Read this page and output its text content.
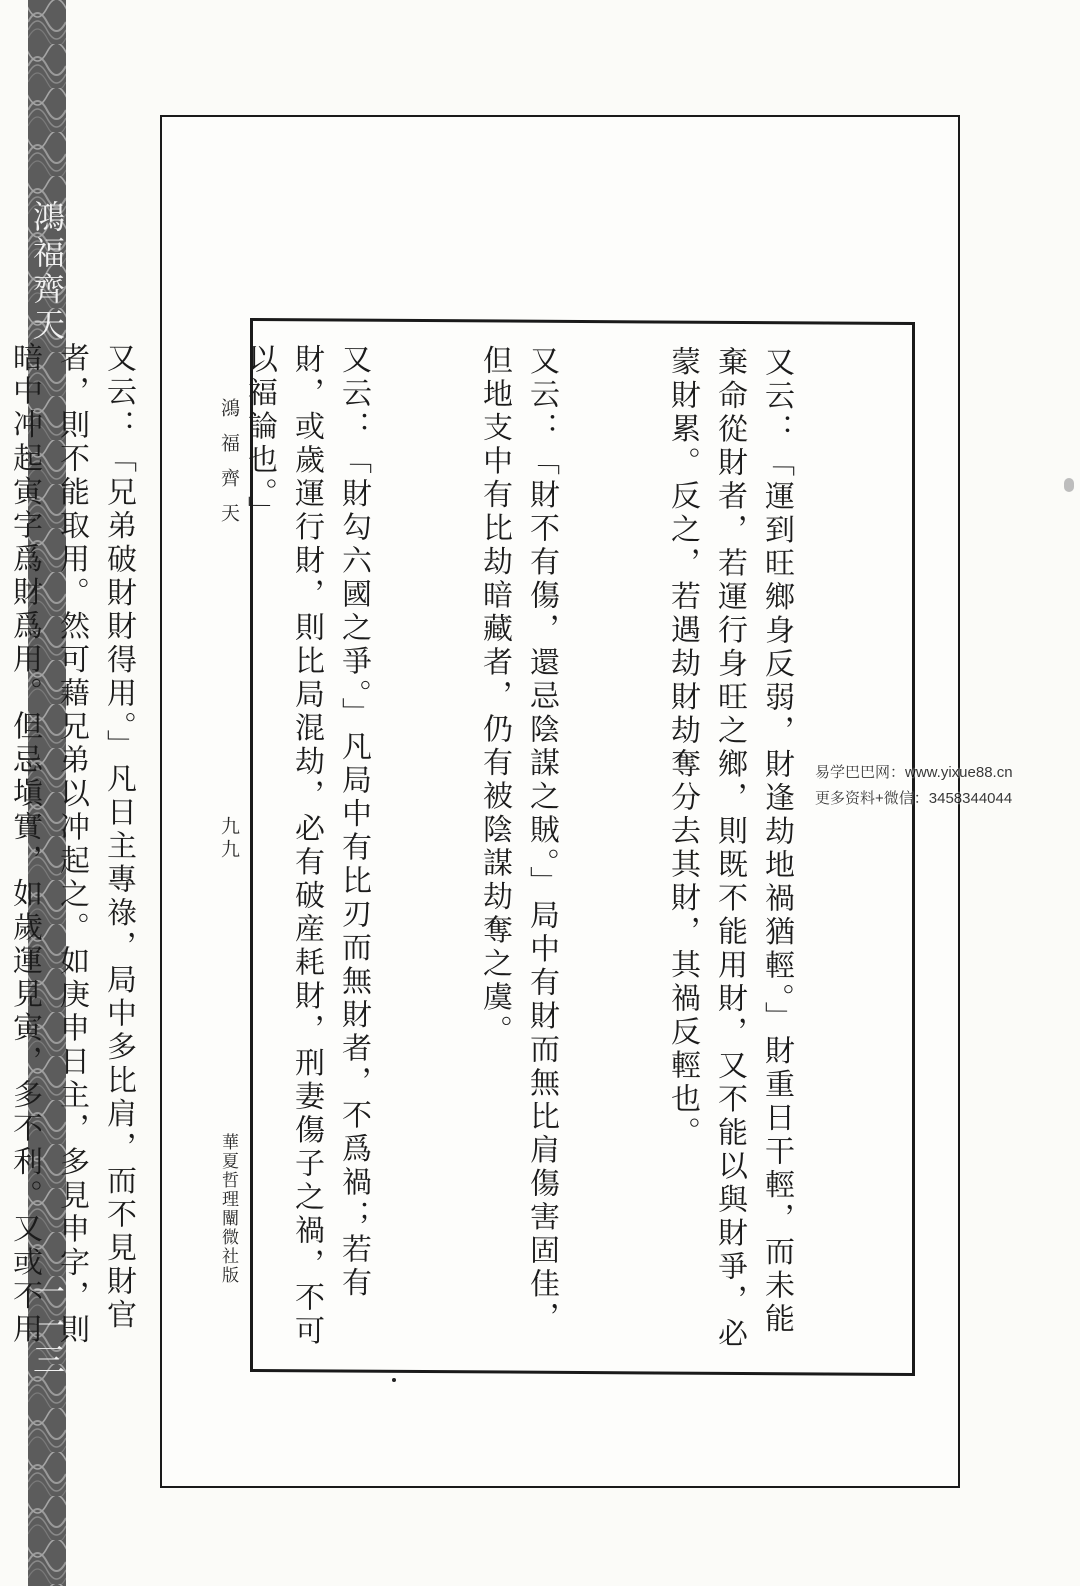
鴻福齊天
一一三
鴻福齊天
九九
華夏哲理闡微社版

	又云：「運到旺鄉身反弱，財逢劫地禍猶輕。」財重日干輕，而未能棄命從財者，若運行身旺之鄉，則既不能用財，又不能以與財爭，必蒙財累。反之，若遇劫財劫奪分去其財，其禍反輕也。

又云：「財不有傷，還忌陰謀之賊。」局中有財而無比肩傷害固佳，但地支中有比劫暗藏者，仍有被陰謀劫奪之虞。

又云：「財勾六國之爭。」凡局中有比刃而無財者，不爲禍；若有財，或歲運行財，則比局混劫，必有破産耗財，刑妻傷子之禍，不可以福論也。」

又云：「兄弟破財財得用。」凡日主專祿，局中多比肩，而不見財官者，則不能取用。然可藉兄弟以冲起之。如庚申日主，多見申字，則暗中冲起寅字爲財爲用。但忌塡實，如歲運見寅，多不利。又或不用冲而用刑者，次之。

易学巴巴网：www.yixue88.cn
更多资料+微信：3458344044
